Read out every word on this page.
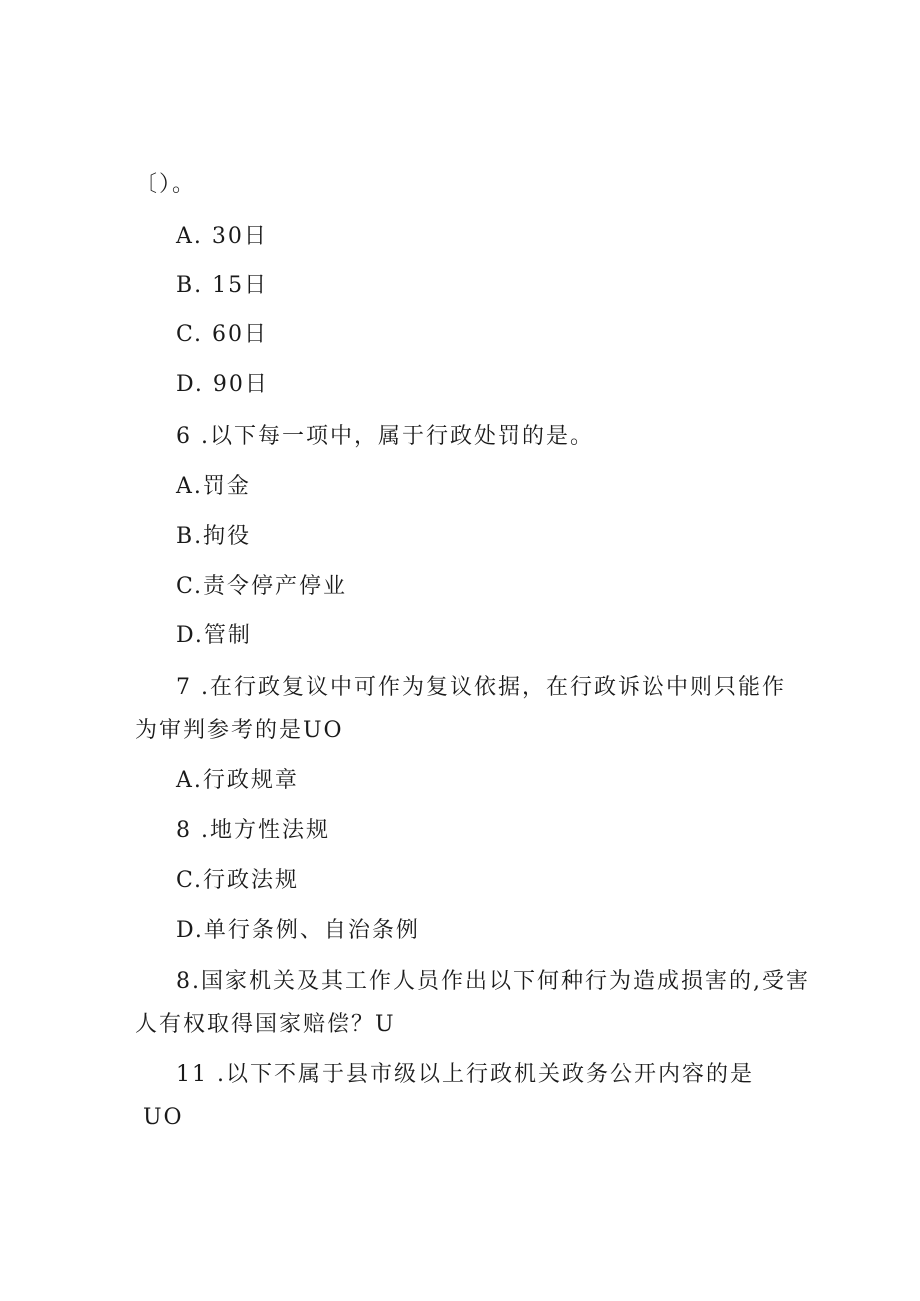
〔）。
A. 30日
B. 15日
C. 60日
D. 90日
6 .以下每一项中，属于行政处罚的是。
A.罚金
B.拘役
C.责令停产停业
D.管制
7 .在行政复议中可作为复议依据，在行政诉讼中则只能作
为审判参考的是UO
A.行政规章
8 .地方性法规
C.行政法规
D.单行条例、自治条例
8.国家机关及其工作人员作出以下何种行为造成损害的,受害
人有权取得国家赔偿？U
11 .以下不属于县市级以上行政机关政务公开内容的是
UO
